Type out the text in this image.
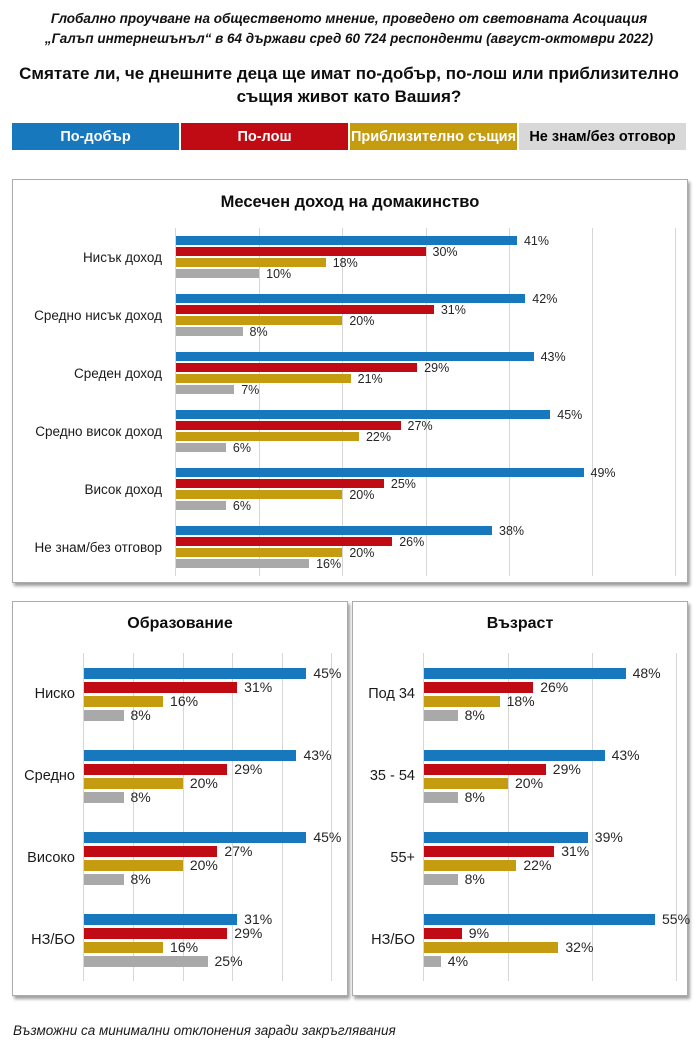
Глобално проучване на общественото мнение, проведено от световната Асоциация
„Галъп интернешънъл“ в 64 държави сред 60 724 респонденти (август-октомври 2022)
Смятате ли, че днешните деца ще имат по-добър, по-лош или приблизително същия живот като Вашия?
По-добър	По-лош	Приблизително същия Не знам/без отговор
Месечен доход на домакинство
Нисък доход
41%
30%
18%
10%
Средно нисък доход
42%
31%
20%
8%
Среден доход
43%
29%
21%
7%
Средно висок доход
45%
27%
22%
6%
Висок доход
49%
25%
20%
6%
Не знам/без отговор
38%
26%
20%
16%
Образование
Ниско
45%
31%
16%
8%
Средно
43%
29%
20%
8%
Високо
45%
27%
20%
8%
НЗ/БО
31%
29%
16%
25%
Възраст
Под 34
48%
26%
18%
8%
35 - 54
43%
29%
20%
8%
55+
39%
31%
22%
8%
НЗ/БО
55%
9%
32%
4%
Възможни са минимални отклонения заради закръглявания
